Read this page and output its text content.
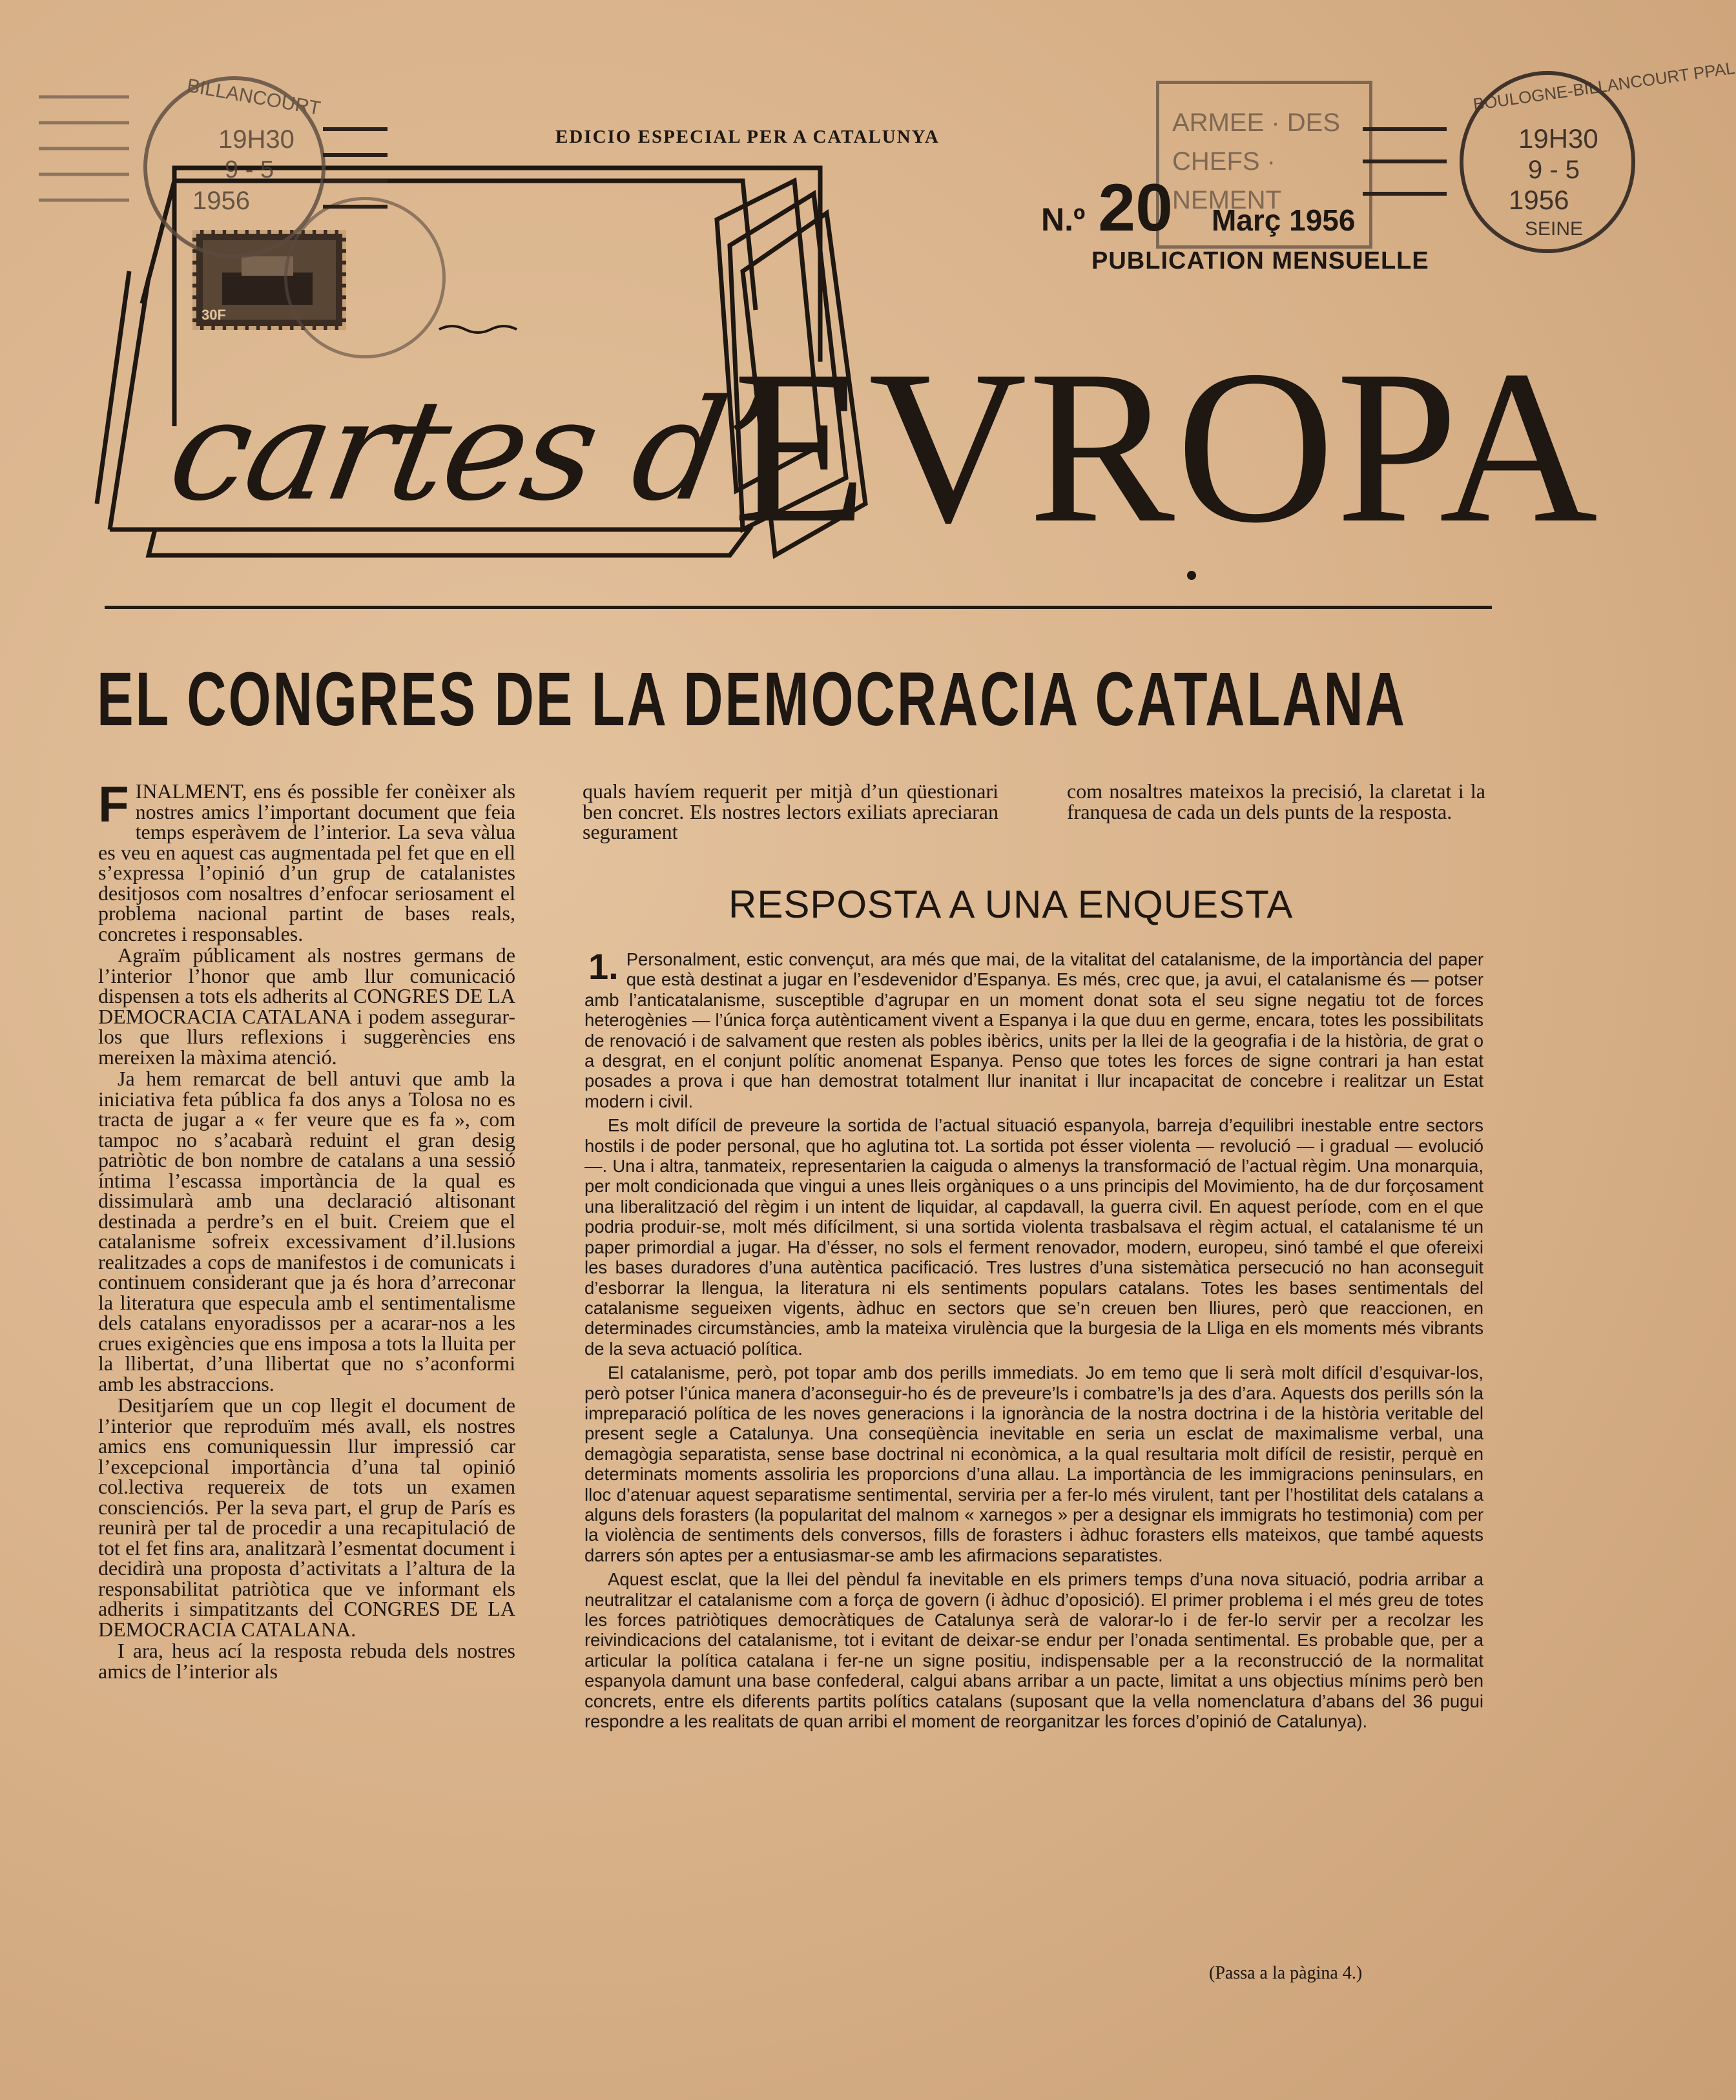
30F
BILLANCOURT
19H30
9 - 5
1956
ARMEE · DES CHEFS · NEMENT
19H30
9 - 5
1956
SEINE
BOULOGNE-BILLANCOURT PPAL
EDICIO ESPECIAL PER A CATALUNYA
N.º 20 Març 1956
PUBLICATION MENSUELLE
cartes d’
EVROPA
EL CONGRES DE LA DEMOCRACIA CATALANA

FINALMENT, ens és possible fer conèixer als nostres amics l’important document que feia temps esperàvem de l’interior. La seva vàlua es veu en aquest cas augmentada pel fet que en ell s’expressa l’opinió d’un grup de catalanistes desitjosos com nosaltres d’enfocar seriosament el problema nacional partint de bases reals, concretes i responsables.

Agraïm públicament als nostres germans de l’interior l’honor que amb llur comunicació dispensen a tots els adherits al CONGRES DE LA DEMOCRACIA CATALANA i podem assegurar-los que llurs reflexions i suggerències ens mereixen la màxima atenció.

Ja hem remarcat de bell antuvi que amb la iniciativa feta pública fa dos anys a Tolosa no es tracta de jugar a « fer veure que es fa », com tampoc no s’acabarà reduint el gran desig patriòtic de bon nombre de catalans a una sessió íntima l’escassa importància de la qual es dissimularà amb una declaració altisonant destinada a perdre’s en el buit. Creiem que el catalanisme sofreix excessivament d’il.lusions realitzades a cops de manifestos i de comunicats i continuem considerant que ja és hora d’arreconar la literatura que especula amb el sentimentalisme dels catalans enyoradissos per a acarar-nos a les crues exigències que ens imposa a tots la lluita per la llibertat, d’una llibertat que no s’aconformi amb les abstraccions.

Desitjaríem que un cop llegit el document de l’interior que reproduïm més avall, els nostres amics ens comuniquessin llur impressió car l’excepcional importància d’una tal opinió col.lectiva requereix de tots un examen conscienciós. Per la seva part, el grup de París es reunirà per tal de procedir a una recapitulació de tot el fet fins ara, analitzarà l’esmentat document i decidirà una proposta d’activitats a l’altura de la responsabilitat patriòtica que ve informant els adherits i simpatitzants del CONGRES DE LA DEMOCRACIA CATALANA.

I ara, heus ací la resposta rebuda dels nostres amics de l’interior als

quals havíem requerit per mitjà d’un qüestionari ben concret. Els nostres lectors exiliats apreciaran segurament

com nosaltres mateixos la precisió, la claretat i la franquesa de cada un dels punts de la resposta.

RESPOSTA A UNA ENQUESTA

1. Personalment, estic convençut, ara més que mai, de la vitalitat del catalanisme, de la importància del paper que està destinat a jugar en l’esdevenidor d’Espanya. Es més, crec que, ja avui, el catalanisme és — potser amb l’anticatalanisme, susceptible d’agrupar en un moment donat sota el seu signe negatiu tot de forces heterogènies — l’única força autènticament vivent a Espanya i la que duu en germe, encara, totes les possibilitats de renovació i de salvament que resten als pobles ibèrics, units per la llei de la geografia i de la història, de grat o a desgrat, en el conjunt polític anomenat Espanya. Penso que totes les forces de signe contrari ja han estat posades a prova i que han demostrat totalment llur inanitat i llur incapacitat de concebre i realitzar un Estat modern i civil.

Es molt difícil de preveure la sortida de l’actual situació espanyola, barreja d’equilibri inestable entre sectors hostils i de poder personal, que ho aglutina tot. La sortida pot ésser violenta — revolució — i gradual — evolució —. Una i altra, tanmateix, representarien la caiguda o almenys la transformació de l’actual règim. Una monarquia, per molt condicionada que vingui a unes lleis orgàniques o a uns principis del Movimiento, ha de dur forçosament una liberalització del règim i un intent de liquidar, al capdavall, la guerra civil. En aquest període, com en el que podria produir-se, molt més difícilment, si una sortida violenta trasbalsava el règim actual, el catalanisme té un paper primordial a jugar. Ha d’ésser, no sols el ferment renovador, modern, europeu, sinó també el que ofereixi les bases duradores d’una autèntica pacificació. Tres lustres d’una sistemàtica persecució no han aconseguit d’esborrar la llengua, la literatura ni els sentiments populars catalans. Totes les bases sentimentals del catalanisme segueixen vigents, àdhuc en sectors que se’n creuen ben lliures, però que reaccionen, en determinades circumstàncies, amb la mateixa virulència que la burgesia de la Lliga en els moments més vibrants de la seva actuació política.

El catalanisme, però, pot topar amb dos perills immediats. Jo em temo que li serà molt difícil d’esquivar-los, però potser l’única manera d’aconseguir-ho és de preveure’ls i combatre’ls ja des d’ara. Aquests dos perills són la impreparació política de les noves generacions i la ignorància de la nostra doctrina i de la història veritable del present segle a Catalunya. Una conseqüència inevitable en seria un esclat de maximalisme verbal, una demagògia separatista, sense base doctrinal ni econòmica, a la qual resultaria molt difícil de resistir, perquè en determinats moments assoliria les proporcions d’una allau. La importància de les immigracions peninsulars, en lloc d’atenuar aquest separatisme sentimental, serviria per a fer-lo més virulent, tant per l’hostilitat dels catalans a alguns dels forasters (la popularitat del malnom « xarnegos » per a designar els immigrats ho testimonia) com per la violència de sentiments dels conversos, fills de forasters i àdhuc forasters ells mateixos, que també aquests darrers són aptes per a entusiasmar-se amb les afirmacions separatistes.

Aquest esclat, que la llei del pèndul fa inevitable en els primers temps d’una nova situació, podria arribar a neutralitzar el catalanisme com a força de govern (i àdhuc d’oposició). El primer problema i el més greu de totes les forces patriòtiques democràtiques de Catalunya serà de valorar-lo i de fer-lo servir per a recolzar les reivindicacions del catalanisme, tot i evitant de deixar-se endur per l’onada sentimental. Es probable que, per a articular la política catalana i fer-ne un signe positiu, indispensable per a la reconstrucció de la normalitat espanyola damunt una base confederal, calgui abans arribar a un pacte, limitat a uns objectius mínims però ben concrets, entre els diferents partits polítics catalans (suposant que la vella nomenclatura d’abans del 36 pugui respondre a les realitats de quan arribi el moment de reorganitzar les forces d’opinió de Catalunya).

(Passa a la pàgina 4.)
